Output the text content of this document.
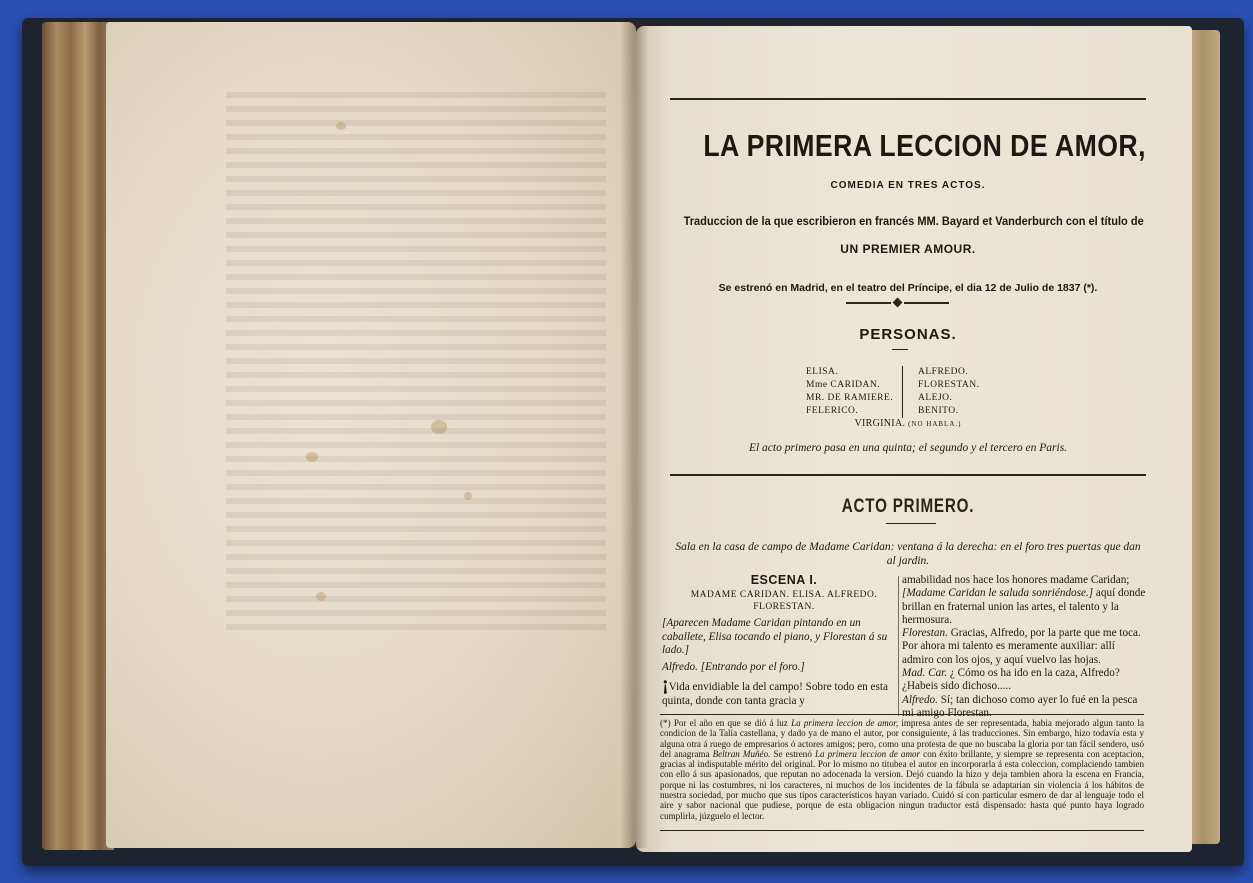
LA PRIMERA LECCION DE AMOR,
COMEDIA EN TRES ACTOS.
Traduccion de la que escribieron en francés MM. Bayard et Vanderburch con el título de
UN PREMIER AMOUR.
Se estrenó en Madrid, en el teatro del Príncipe, el dia 12 de Julio de 1837 (*).
PERSONAS.
ELISA.
Mme CARIDAN.
MR. DE RAMIERE.
FELERICO.
ALFREDO.
FLORESTAN.
ALEJO.
BENITO.
VIRGINIA. (NO HABLA.)
El acto primero pasa en una quinta; el segundo y el tercero en Paris.
ACTO PRIMERO.
Sala en la casa de campo de Madame Caridan: ventana á la derecha: en el foro tres puertas que dan al jardin.
ESCENA I.
MADAME CARIDAN. ELISA. ALFREDO. FLORESTAN.
[Aparecen Madame Caridan pintando en un caballete, Elisa tocando el piano, y Florestan á su lado.]
Alfredo. [Entrando por el foro.]
¡Vida envidiable la del campo! Sobre todo en esta quinta, donde con tanta gracia y
amabilidad nos hace los honores madame Caridan; [Madame Caridan le saluda sonriéndose.] aquí donde brillan en fraternal union las artes, el talento y la hermosura.
Florestan. Gracias, Alfredo, por la parte que me toca. Por ahora mi talento es meramente auxiliar: allí admiro con los ojos, y aquí vuelvo las hojas.
Mad. Car. ¿ Cómo os ha ido en la caza, Alfredo? ¿Habeis sido dichoso.....
Alfredo. Sí; tan dichoso como ayer lo fué en la pesca mi amigo Florestan.
(*) Por el año en que se dió á luz La primera leccion de amor, impresa antes de ser representada, habia mejorado algun tanto la condicion de la Talía castellana, y dado ya de mano el autor, por consiguiente, á las traducciones. Sin embargo, hizo todavía esta y alguna otra á ruego de empresarios ó actores amigos; pero, como una protesta de que no buscaba la gloria por tan fácil sendero, usó del anagrama Beltran Muñéo. Se estrenó La primera leccion de amor con éxito brillante, y siempre se representa con aceptacion, gracias al indisputable mérito del original. Por lo mismo no titubea el autor en incorporarla á esta coleccion, complaciendo tambien con ello á sus apasionados, que reputan no adocenada la version. Dejó cuando la hizo y deja tambien ahora la escena en Francia, porque ni las costumbres, ni los caracteres, ni muchos de los incidentes de la fábula se adaptarian sin violencia á los hábitos de nuestra sociedad, por mucho que sus tipos característicos hayan variado. Cuidó sí con particular esmero de dar al lenguaje todo el aire y sabor nacional que pudiese, porque de esta obligacion ningun traductor está dispensado: hasta qué punto haya logrado cumplirla, júzguelo el lector.
